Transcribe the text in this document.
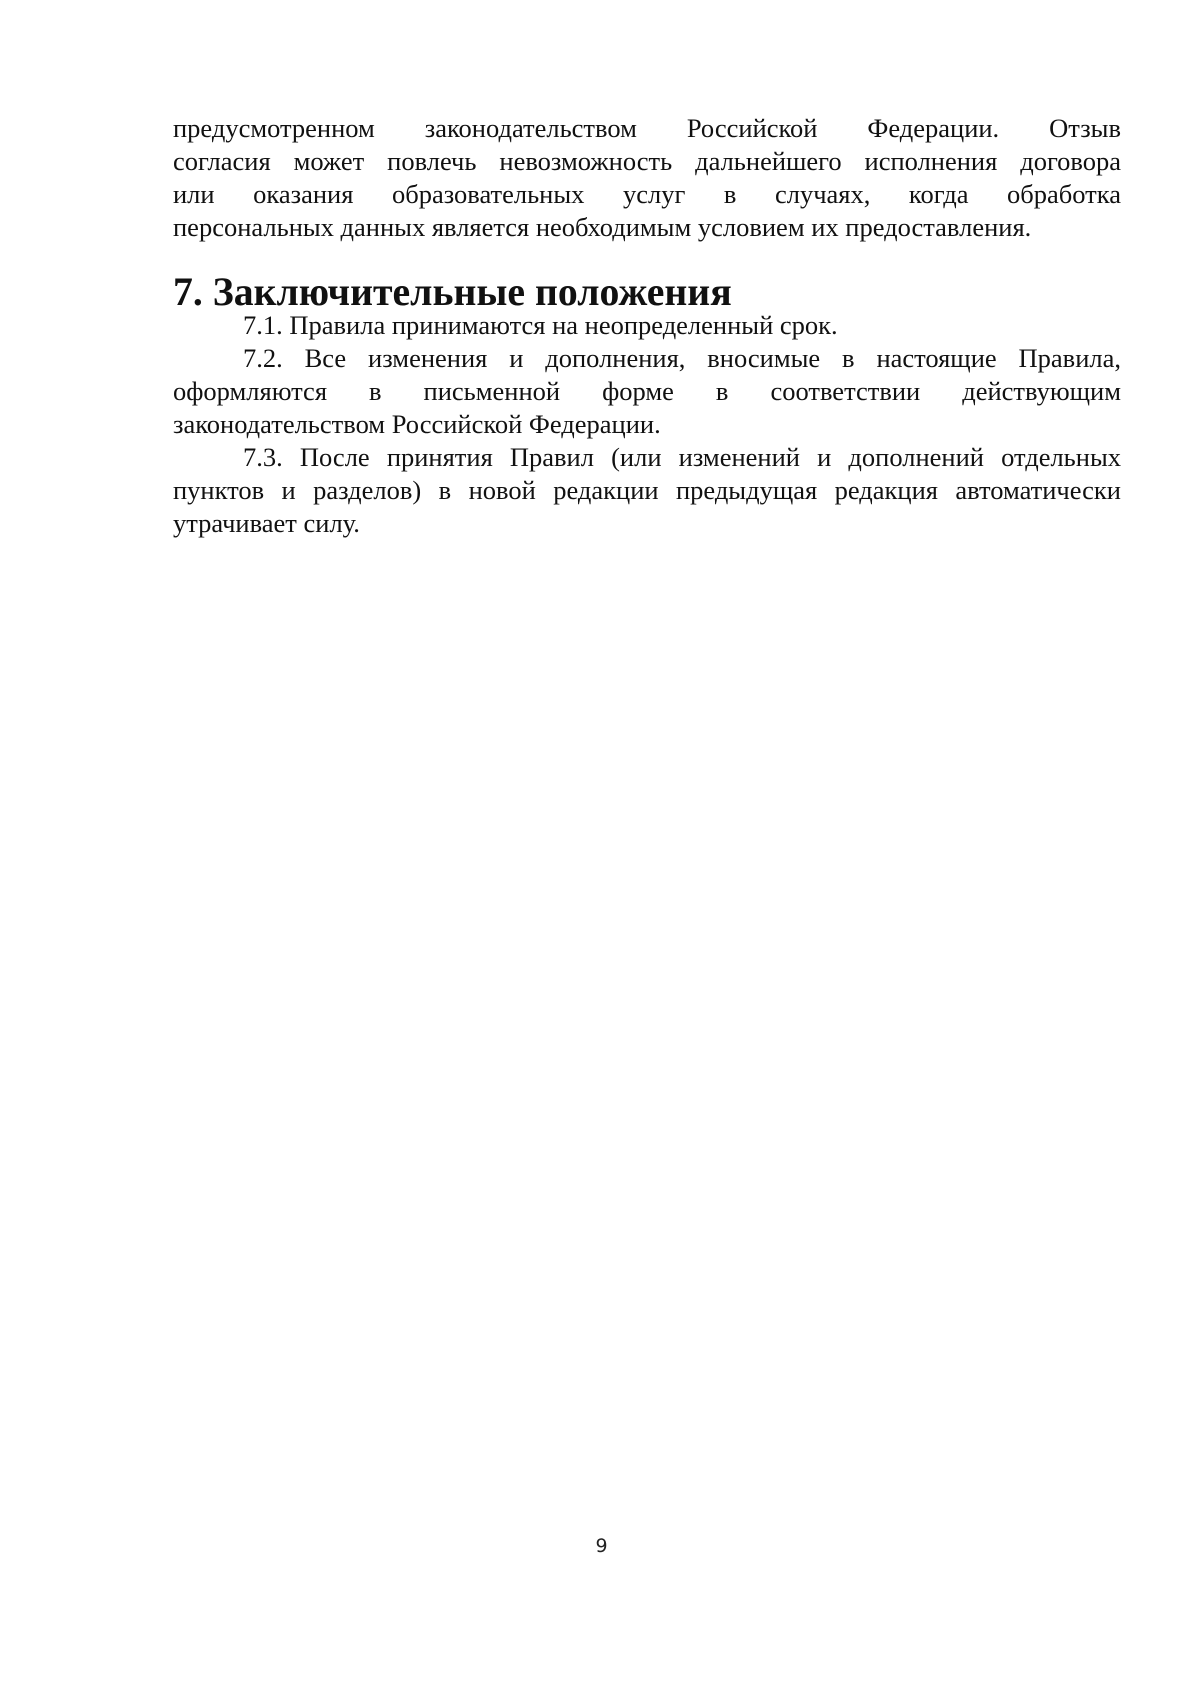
предусмотренном законодательством Российской Федерации. Отзыв
согласия может повлечь невозможность дальнейшего исполнения договора
или оказания образовательных услуг в случаях, когда обработка
персональных данных является необходимым условием их предоставления.

7. Заключительные положения

7.1. Правила принимаются на неопределенный срок.

7.2. Все изменения и дополнения, вносимые в настоящие Правила,
оформляются в письменной форме в соответствии действующим
законодательством Российской Федерации.

7.3. После принятия Правил (или изменений и дополнений отдельных
пунктов и разделов) в новой редакции предыдущая редакция автоматически
утрачивает силу.

9
